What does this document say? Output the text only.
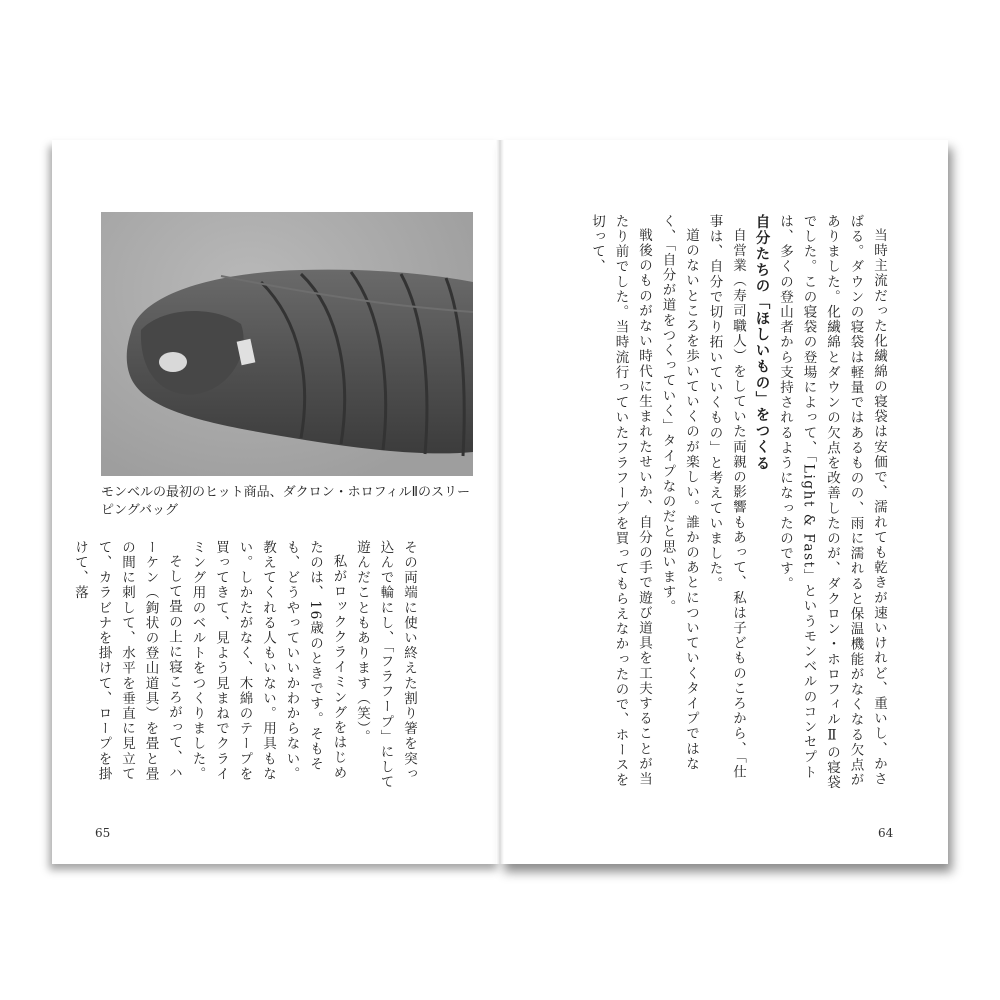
モンベルの最初のヒット商品、ダクロン・ホロフィルⅡのスリーピングバッグ

その両端に使い終えた割り箸を突っ込んで輪にし、「フラフープ」にして遊んだこともあります（笑）。

私がロッククライミングをはじめたのは、16歳のときです。そもそも、どうやっていいかわからない。教えてくれる人もいない。用具もない。しかたがなく、木綿のテープを買ってきて、見よう見まねでクライミング用のベルトをつくりました。

そして畳の上に寝ころがって、ハーケン（鉤状の登山道具）を畳と畳の間に刺して、水平を垂直に見立てて、カラビナを掛けて、ロープを掛けて、落	当時主流だった化繊綿の寝袋は安価で、濡れても乾きが速いけれど、重いし、かさばる。ダウンの寝袋は軽量ではあるものの、雨に濡れると保温機能がなくなる欠点がありました。化繊綿とダウンの欠点を改善したのが、ダクロン・ホロフィルⅡの寝袋でした。この寝袋の登場によって、「Light & Fast」というモンベルのコンセプトは、多くの登山者から支持されるようになったのです。

自分たちの「ほしいもの」をつくる

自営業（寿司職人）をしていた両親の影響もあって、私は子どものころから、「仕事は、自分で切り拓いていくもの」と考えていました。

道のないところを歩いていくのが楽しい。誰かのあとについていくタイプではなく、「自分が道をつくっていく」タイプなのだと思います。

戦後のものがない時代に生まれたせいか、自分の手で遊び道具を工夫することが当たり前でした。当時流行っていたフラフープを買ってもらえなかったので、ホースを切って、

65	64
